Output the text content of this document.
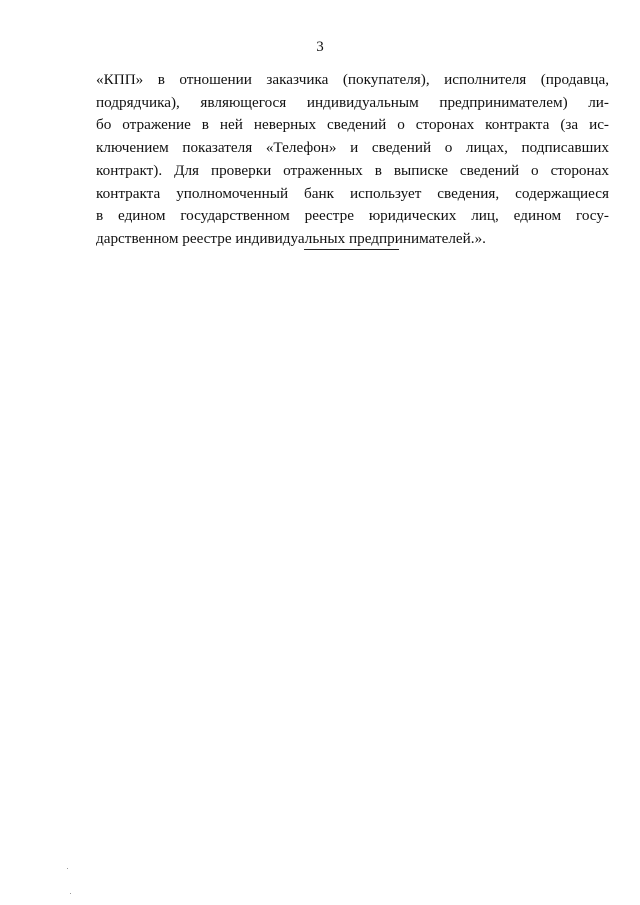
3
«КПП» в отношении заказчика (покупателя), исполнителя (продавца,
подрядчика), являющегося индивидуальным предпринимателем) ли-
бо отражение в ней неверных сведений о сторонах контракта (за ис-
ключением показателя «Телефон» и сведений о лицах, подписавших
контракт). Для проверки отраженных в выписке сведений о сторонах
контракта уполномоченный банк использует сведения, содержащиеся
в едином государственном реестре юридических лиц, едином госу-
дарственном реестре индивидуальных предпринимателей.».
